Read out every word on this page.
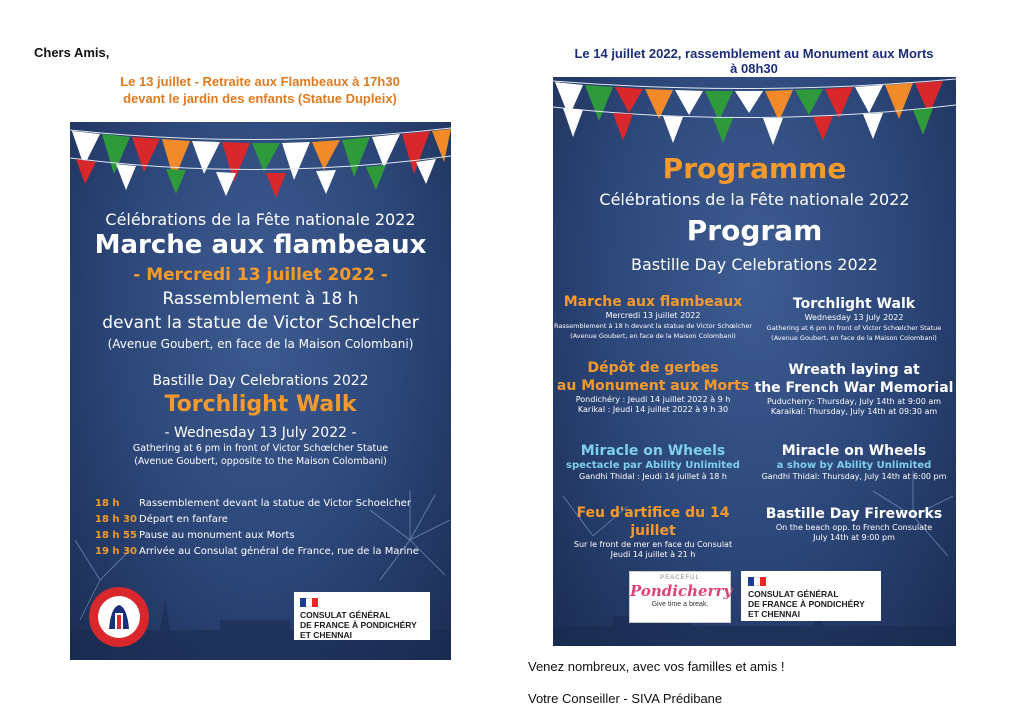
Chers Amis,
Le 13 juillet - Retraite aux Flambeaux à 17h30
devant le jardin des enfants (Statue Dupleix)
Le 14 juillet 2022, rassemblement au Monument aux Morts
à 08h30
Célébrations de la Fête nationale 2022
Marche aux flambeaux
- Mercredi 13 juillet 2022 -
Rassemblement à 18 h
devant la statue de Victor Schœlcher
(Avenue Goubert, en face de la Maison Colombani)
Bastille Day Celebrations 2022
Torchlight Walk
- Wednesday 13 July 2022 -
Gathering at 6 pm in front of Victor Schœlcher Statue
(Avenue Goubert, opposite to the Maison Colombani)
18 h Rassemblement devant la statue de Victor Schoelcher
18 h 30 Départ en fanfare
18 h 55 Pause au monument aux Morts
19 h 30 Arrivée au Consulat général de France, rue de la Marine
CONSULAT GÉNÉRAL
DE FRANCE À PONDICHÉRY
ET CHENNAI
Programme
Célébrations de la Fête nationale 2022
Program
Bastille Day Celebrations 2022
Marche aux flambeaux
Mercredi 13 juillet 2022
Rassemblement à 18 h devant la statue de Victor Schœlcher
(Avenue Goubert, en face de la Maison Colombani)
Dépôt de gerbes
au Monument aux Morts
Pondichéry : Jeudi 14 juillet 2022 à 9 h
Karikal : Jeudi 14 juillet 2022 à 9 h 30
Miracle on Wheels
spectacle par Ability Unlimited
Gandhi Thidal : Jeudi 14 juillet à 18 h
Feu d'artifice du 14 juillet
Sur le front de mer en face du Consulat
Jeudi 14 juillet à 21 h
Torchlight Walk
Wednesday 13 July 2022
Gathering at 6 pm in front of Victor Schœlcher Statue
(Avenue Goubert, en face de la Maison Colombani)
Wreath laying at
the French War Memorial
Puducherry: Thursday, July 14th at 9:00 am
Karaikal: Thursday, July 14th at 09:30 am
Miracle on Wheels
a show by Ability Unlimited
Gandhi Thidal: Thursday, July 14th at 6:00 pm
Bastille Day Fireworks
On the beach opp. to French Consulate
July 14th at 9:00 pm
PEACEFUL
Pondicherry
Give time a break.
CONSULAT GÉNÉRAL
DE FRANCE À PONDICHÉRY
ET CHENNAI
Venez nombreux, avec vos familles et amis !
Votre Conseiller - SIVA Prédibane
